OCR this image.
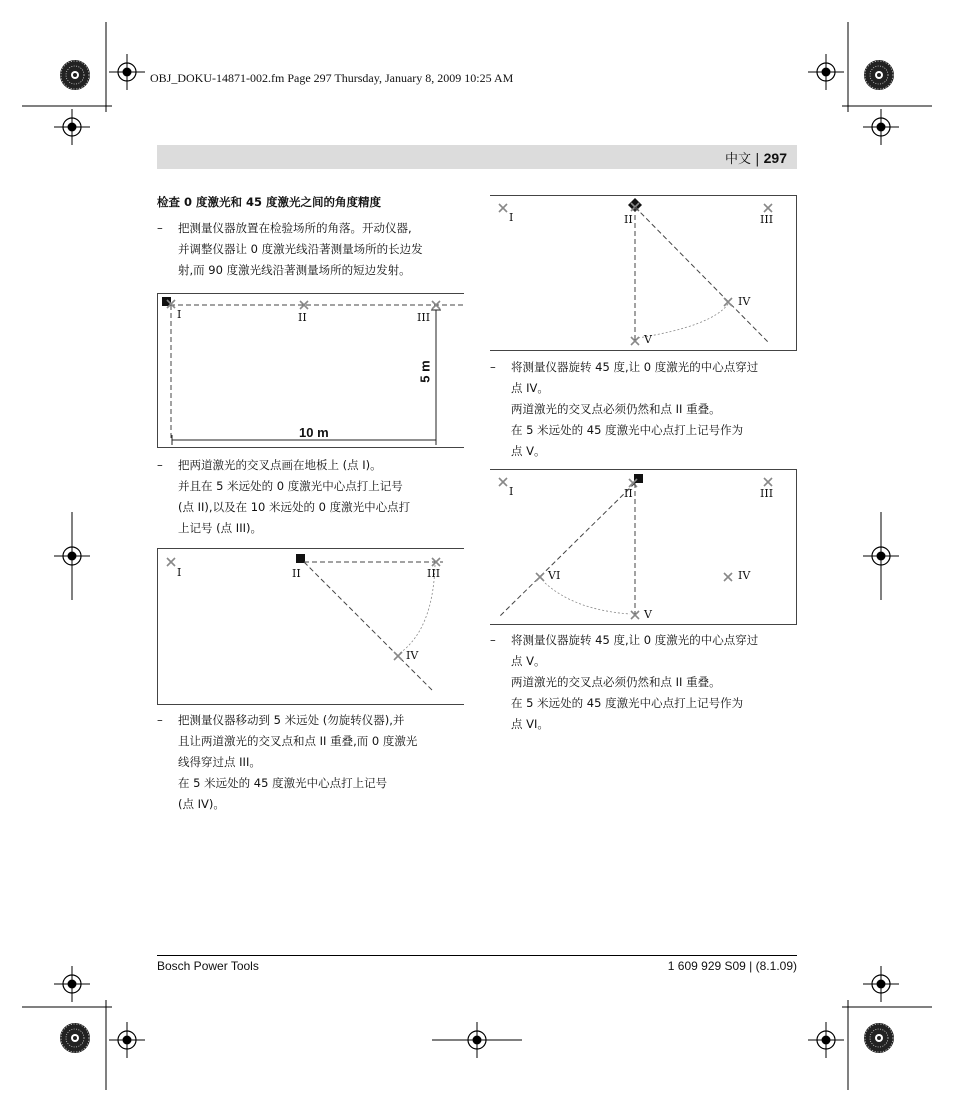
OBJ_DOKU-14871-002.fm Page 297 Thursday, January 8, 2009 10:25 AM
中文 | 297
检查 0 度激光和 45 度激光之间的角度精度
– 把测量仪器放置在检验场所的角落。开动仪器,
并调整仪器让 0 度激光线沿著测量场所的长边发
射,而 90 度激光线沿著测量场所的短边发射。
I	II	III
10 m
5 m
– 把两道激光的交叉点画在地板上 (点 I)。
并且在 5 米远处的 0 度激光中心点打上记号
(点 II),以及在 10 米远处的 0 度激光中心点打
上记号 (点 III)。
I	II	III
IV
– 把测量仪器移动到 5 米远处 (勿旋转仪器),并
且让两道激光的交叉点和点 II 重叠,而 0 度激光
线得穿过点 III。
在 5 米远处的 45 度激光中心点打上记号
(点 IV)。
I	II	III
IV
V
– 将测量仪器旋转 45 度,让 0 度激光的中心点穿过
点 IV。
两道激光的交叉点必须仍然和点 II 重叠。
在 5 米远处的 45 度激光中心点打上记号作为
点 V。
I	II	III
IV
V
VI
– 将测量仪器旋转 45 度,让 0 度激光的中心点穿过
点 V。
两道激光的交叉点必须仍然和点 II 重叠。
在 5 米远处的 45 度激光中心点打上记号作为
点 VI。
Bosch Power Tools	1 609 929 S09 | (8.1.09)
